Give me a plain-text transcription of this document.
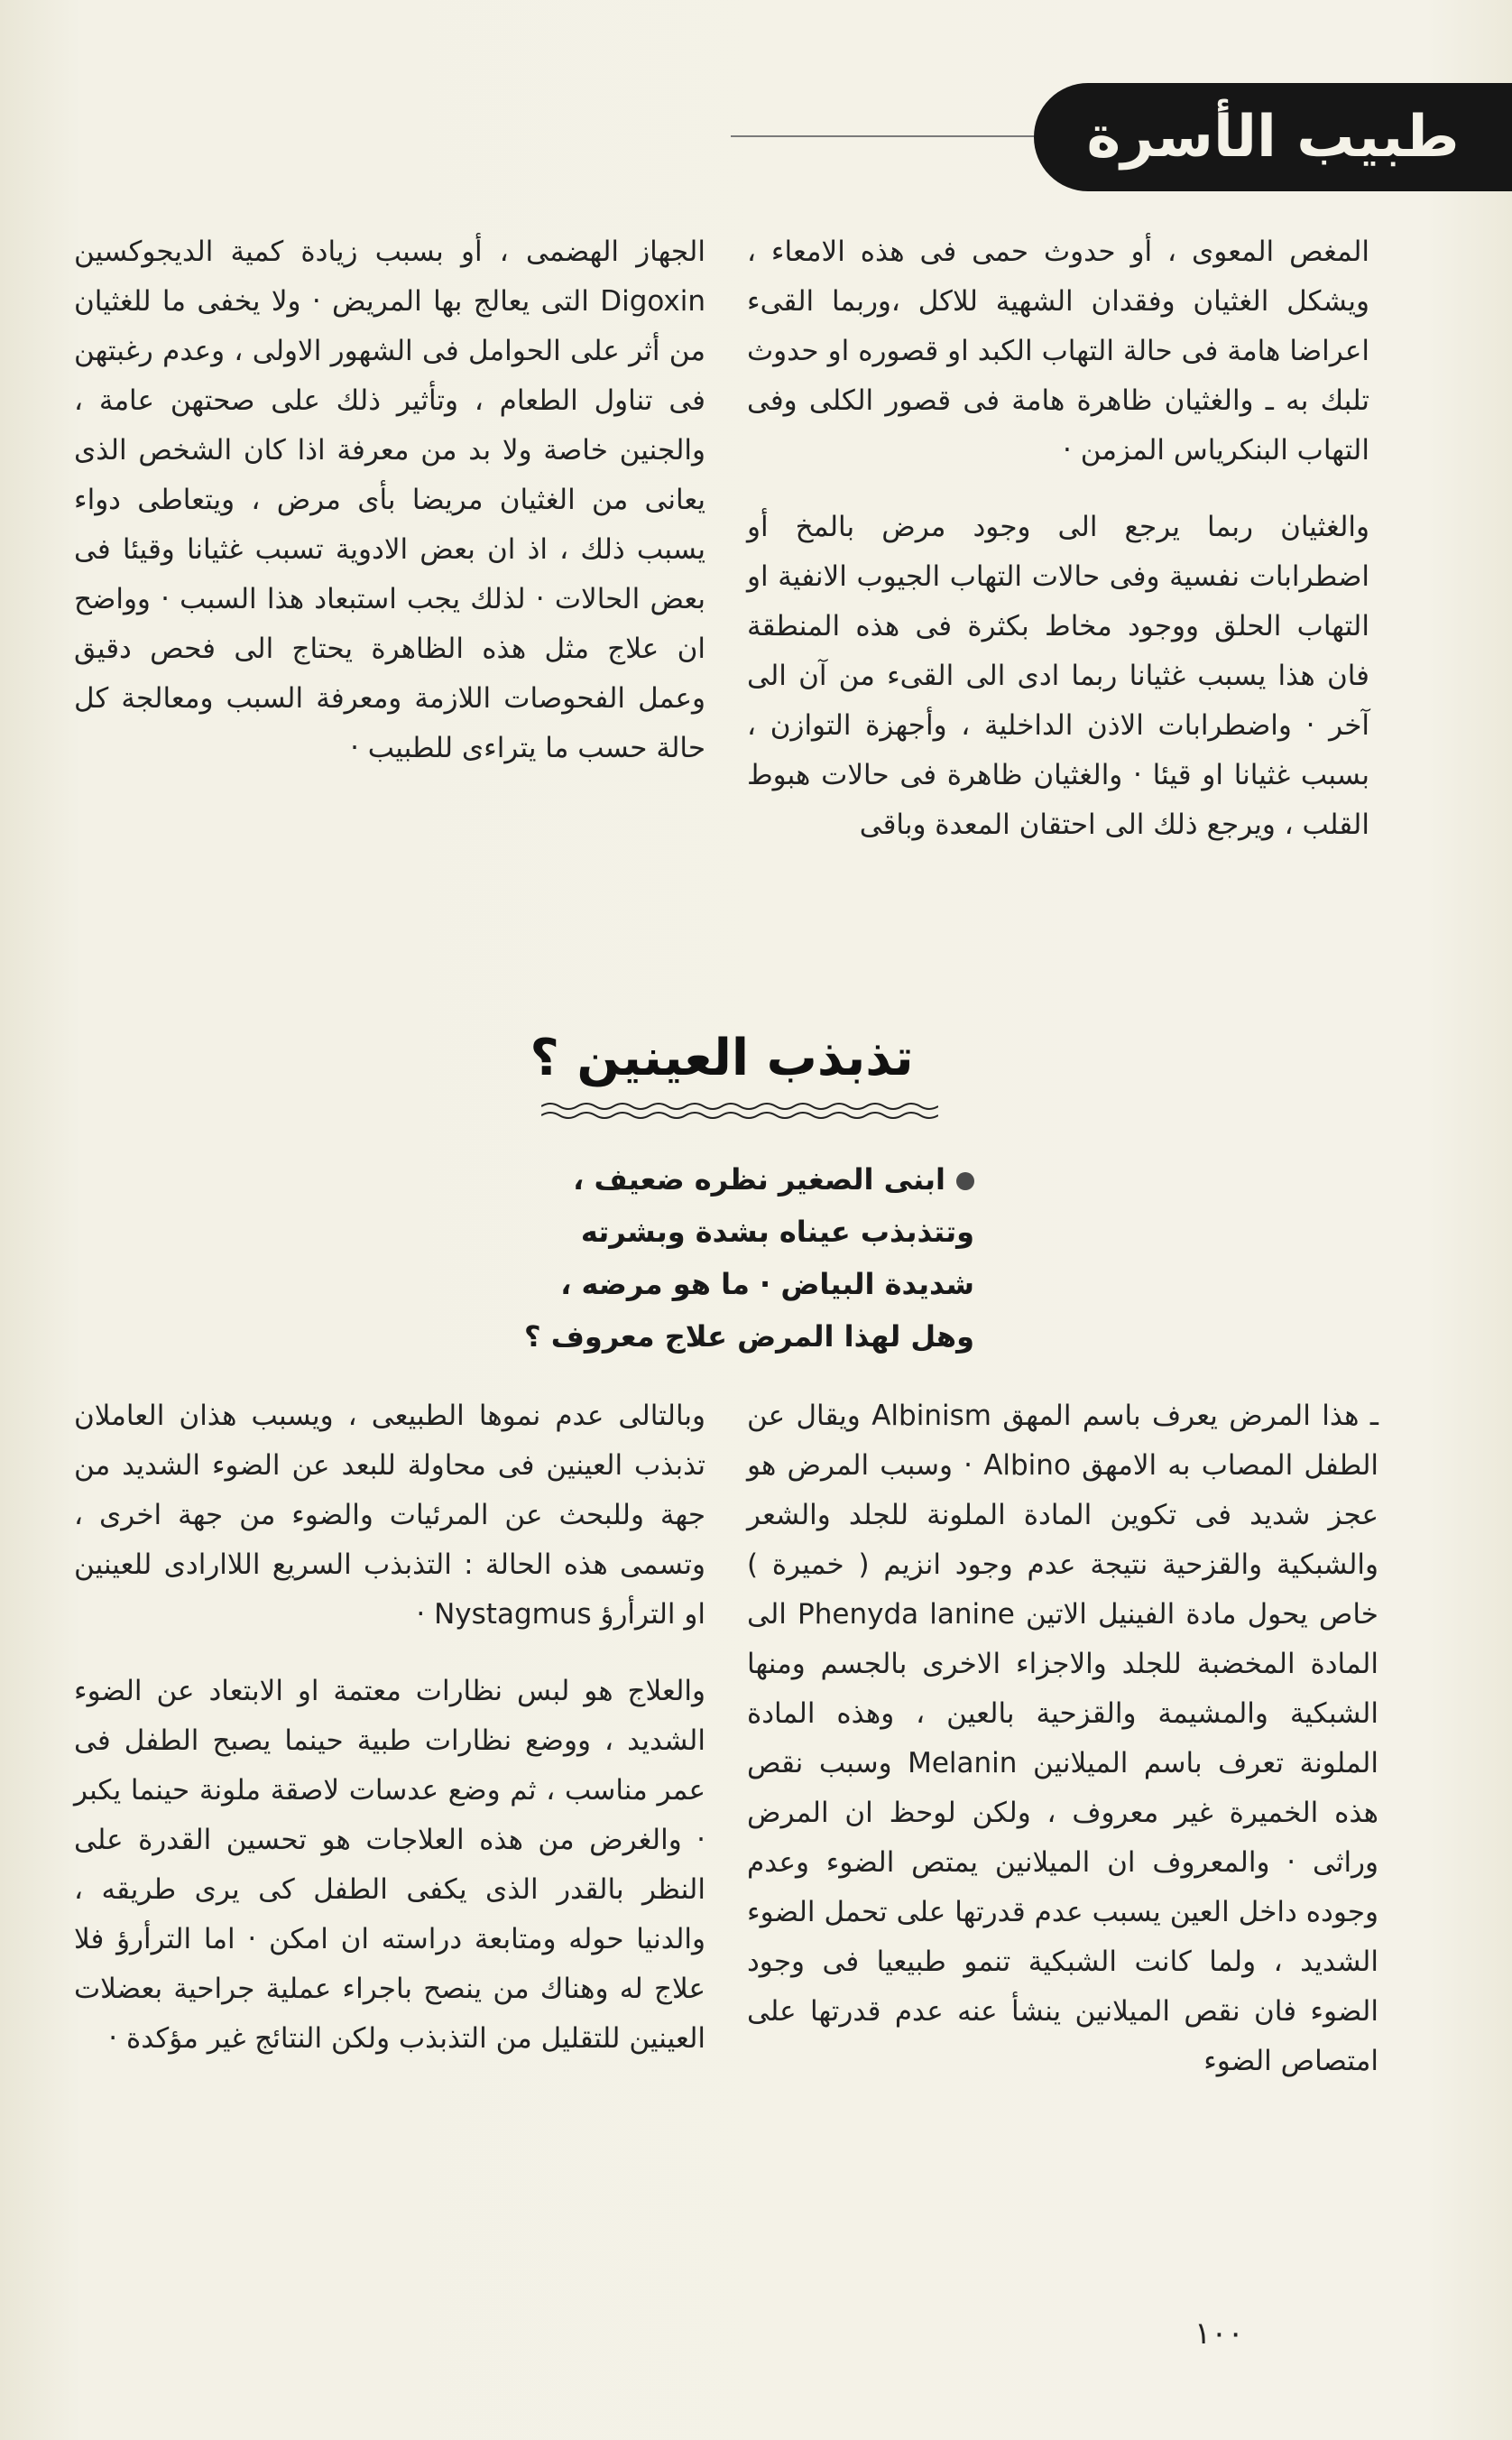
طبيب الأسرة

المغص المعوى ، أو حدوث حمى فى هذه الامعاء ، ويشكل الغثيان وفقدان الشهية للاكل ،وربما القىء اعراضا هامة فى حالة التهاب الكبد او قصوره او حدوث تلبك به ـ والغثيان ظاهرة هامة فى قصور الكلى وفى التهاب البنكرياس المزمن ·

والغثيان ربما يرجع الى وجود مرض بالمخ أو اضطرابات نفسية وفى حالات التهاب الجيوب الانفية او التهاب الحلق ووجود مخاط بكثرة فى هذه المنطقة فان هذا يسبب غثيانا ربما ادى الى القىء من آن الى آخر · واضطرابات الاذن الداخلية ، وأجهزة التوازن ، بسبب غثيانا او قيئا · والغثيان ظاهرة فى حالات هبوط القلب ، ويرجع ذلك الى احتقان المعدة وباقى

الجهاز الهضمى ، أو بسبب زيادة كمية الديجوكسين Digoxin التى يعالج بها المريض · ولا يخفى ما للغثيان من أثر على الحوامل فى الشهور الاولى ، وعدم رغبتهن فى تناول الطعام ، وتأثير ذلك على صحتهن عامة ، والجنين خاصة ولا بد من معرفة اذا كان الشخص الذى يعانى من الغثيان مريضا بأى مرض ، ويتعاطى دواء يسبب ذلك ، اذ ان بعض الادوية تسبب غثيانا وقيئا فى بعض الحالات · لذلك يجب استبعاد هذا السبب · وواضح ان علاج مثل هذه الظاهرة يحتاج الى فحص دقيق وعمل الفحوصات اللازمة ومعرفة السبب ومعالجة كل حالة حسب ما يتراءى للطبيب ·

تذبذب العينين ؟
ابنى الصغير نظره ضعيف ، وتتذبذب عيناه بشدة وبشرته شديدة البياض · ما هو مرضه ، وهل لهذا المرض علاج معروف ؟

ـ هذا المرض يعرف باسم المهق Albinism ويقال عن الطفل المصاب به الامهق Albino · وسبب المرض هو عجز شديد فى تكوين المادة الملونة للجلد والشعر والشبكية والقزحية نتيجة عدم وجود انزيم ( خميرة ) خاص يحول مادة الفينيل الاتين Phenyda lanine الى المادة المخضبة للجلد والاجزاء الاخرى بالجسم ومنها الشبكية والمشيمة والقزحية بالعين ، وهذه المادة الملونة تعرف باسم الميلانين Melanin وسبب نقص هذه الخميرة غير معروف ، ولكن لوحظ ان المرض وراثى · والمعروف ان الميلانين يمتص الضوء وعدم وجوده داخل العين يسبب عدم قدرتها على تحمل الضوء الشديد ، ولما كانت الشبكية تنمو طبيعيا فى وجود الضوء فان نقص الميلانين ينشأ عنه عدم قدرتها على امتصاص الضوء

وبالتالى عدم نموها الطبيعى ، ويسبب هذان العاملان تذبذب العينين فى محاولة للبعد عن الضوء الشديد من جهة وللبحث عن المرئيات والضوء من جهة اخرى ، وتسمى هذه الحالة : التذبذب السريع اللاارادى للعينين او الترأرؤ Nystagmus ·

والعلاج هو لبس نظارات معتمة او الابتعاد عن الضوء الشديد ، ووضع نظارات طبية حينما يصبح الطفل فى عمر مناسب ، ثم وضع عدسات لاصقة ملونة حينما يكبر · والغرض من هذه العلاجات هو تحسين القدرة على النظر بالقدر الذى يكفى الطفل كى يرى طريقه ، والدنيا حوله ومتابعة دراسته ان امكن · اما الترأرؤ فلا علاج له وهناك من ينصح باجراء عملية جراحية بعضلات العينين للتقليل من التذبذب ولكن النتائج غير مؤكدة ·

١٠٠
